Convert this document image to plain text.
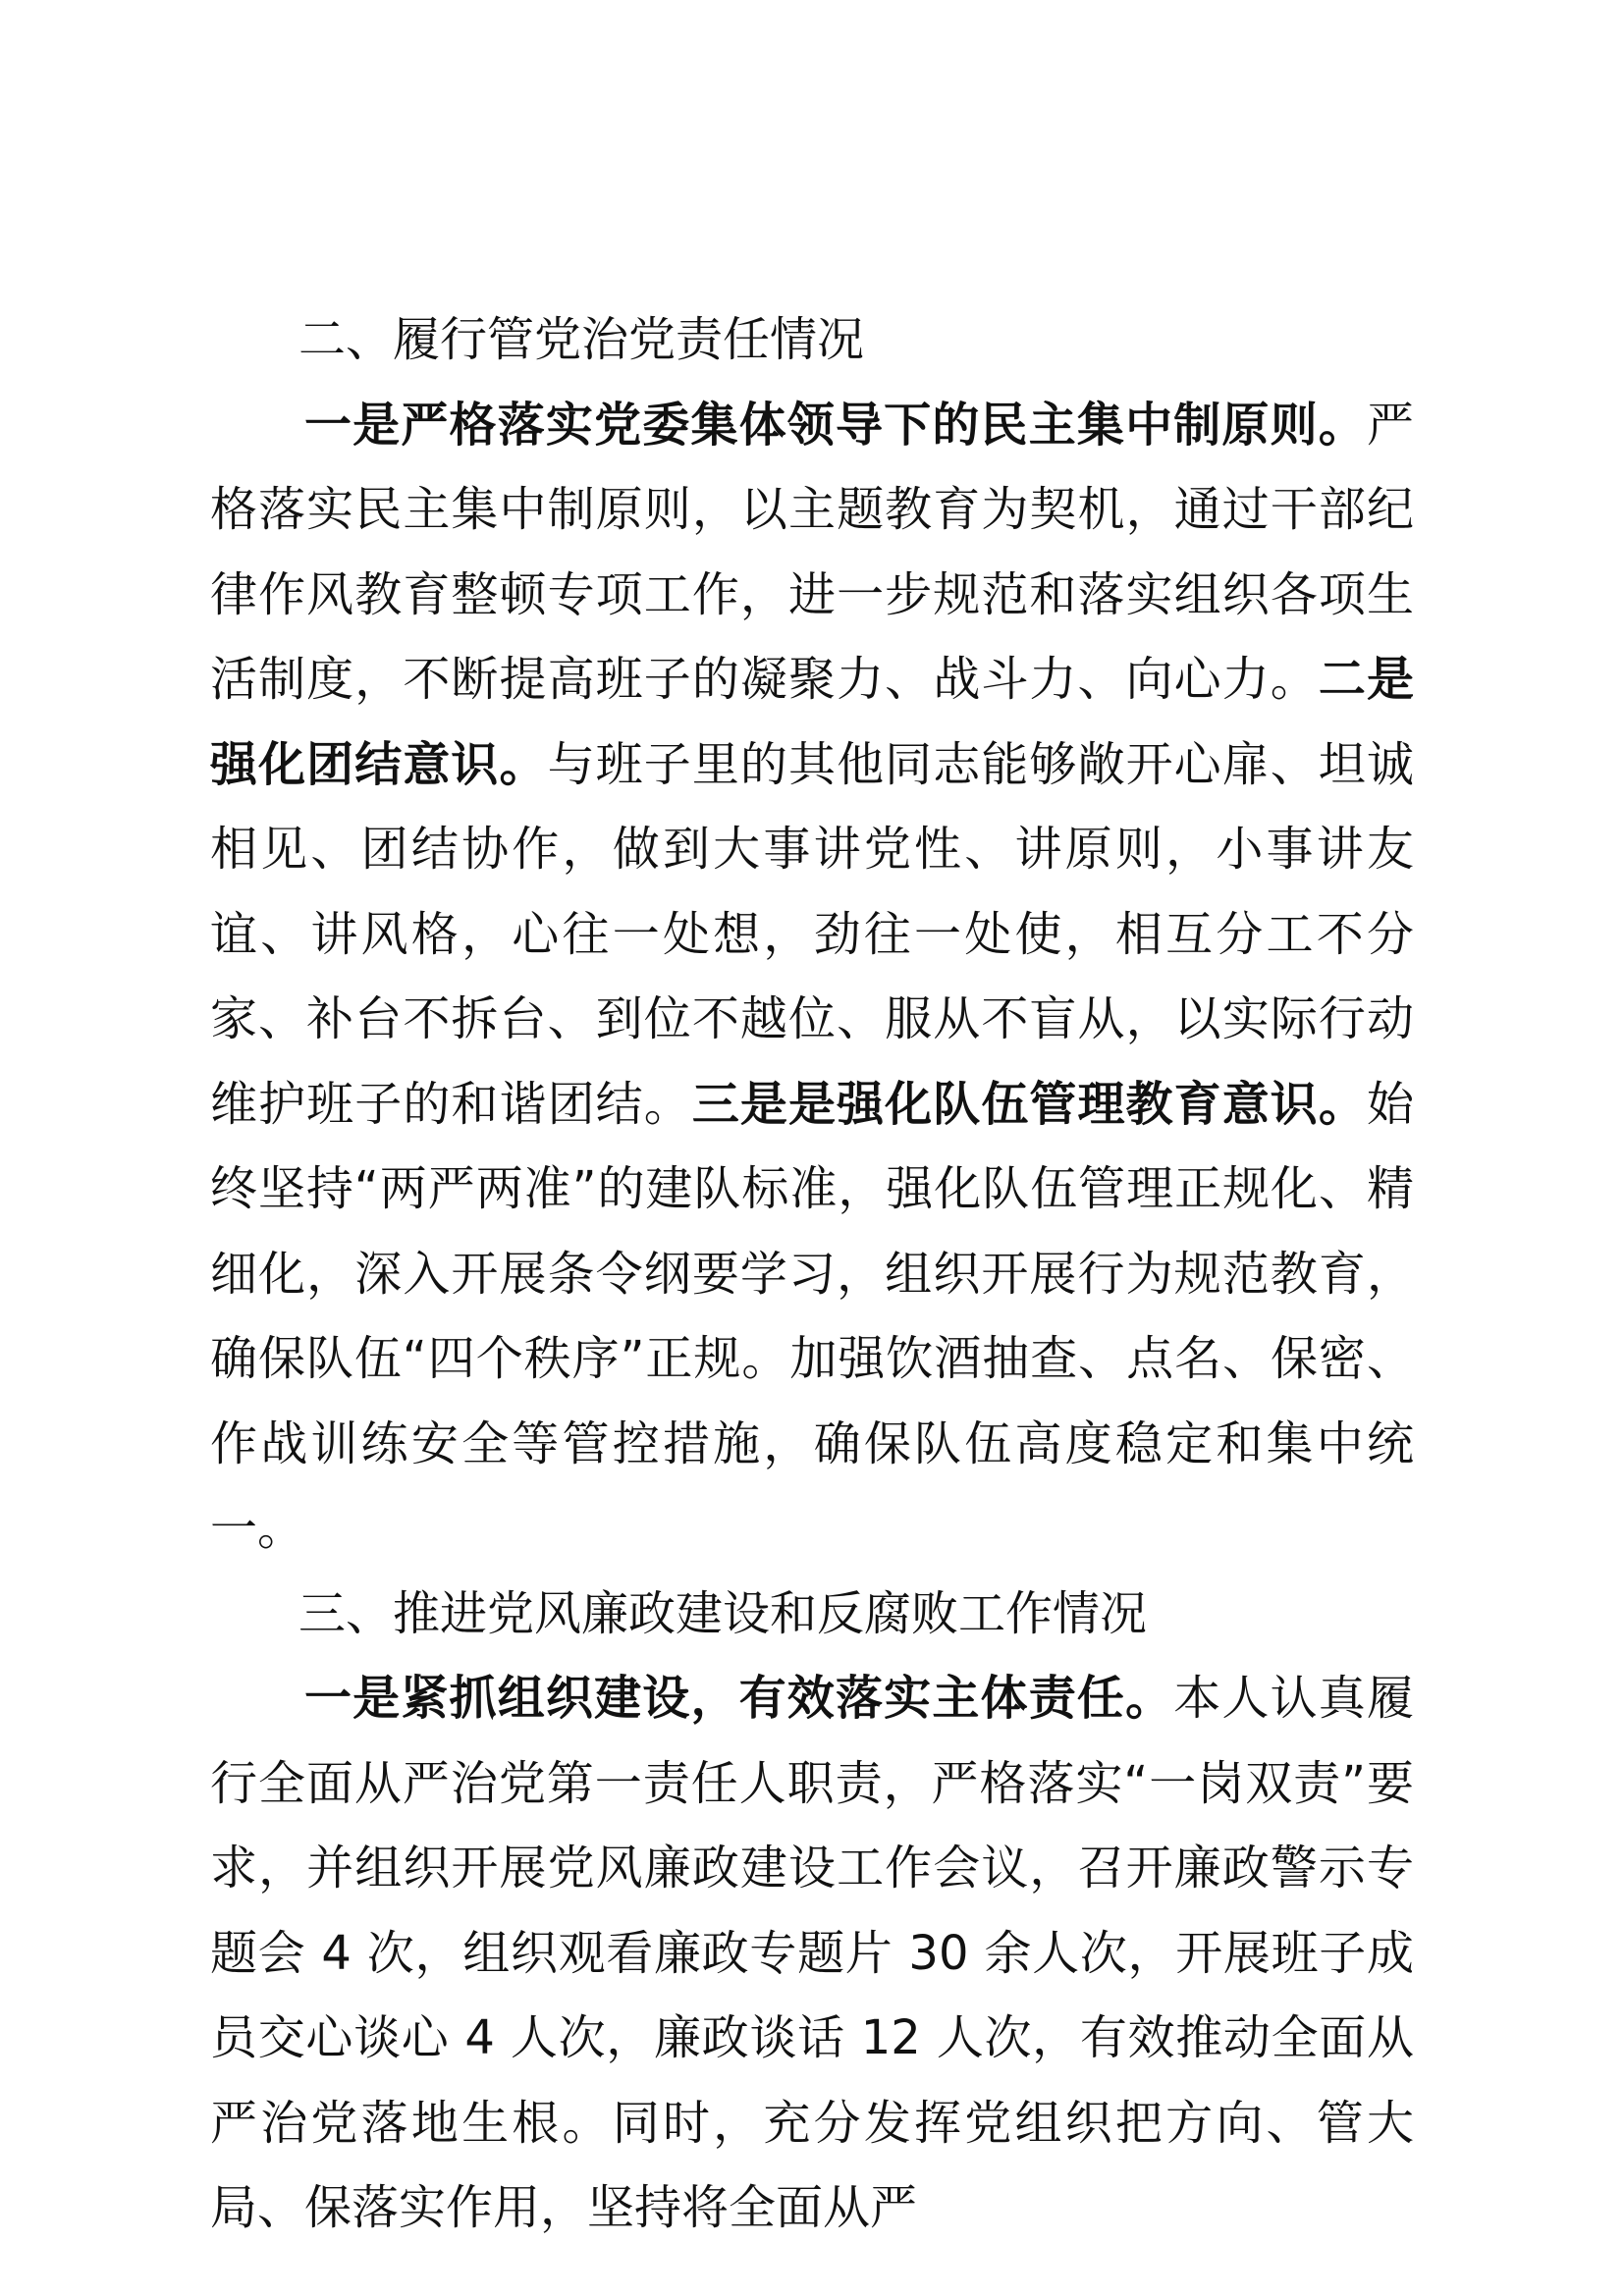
二、履行管党治党责任情况

一是严格落实党委集体领导下的民主集中制原则。严格落实民主集中制原则，以主题教育为契机，通过干部纪律作风教育整顿专项工作，进一步规范和落实组织各项生活制度，不断提高班子的凝聚力、战斗力、向心力。二是强化团结意识。与班子里的其他同志能够敞开心扉、坦诚相见、团结协作，做到大事讲党性、讲原则，小事讲友谊、讲风格，心往一处想，劲往一处使，相互分工不分家、补台不拆台、到位不越位、服从不盲从，以实际行动维护班子的和谐团结。三是是强化队伍管理教育意识。始终坚持“两严两准”的建队标准，强化队伍管理正规化、精细化，深入开展条令纲要学习，组织开展行为规范教育，确保队伍“四个秩序”正规。加强饮酒抽查、点名、保密、作战训练安全等管控措施，确保队伍高度稳定和集中统一。

三、推进党风廉政建设和反腐败工作情况

一是紧抓组织建设，有效落实主体责任。本人认真履行全面从严治党第一责任人职责，严格落实“一岗双责”要求，并组织开展党风廉政建设工作会议，召开廉政警示专题会 4 次，组织观看廉政专题片 30 余人次，开展班子成员交心谈心 4 人次，廉政谈话 12 人次，有效推动全面从严治党落地生根。同时，充分发挥党组织把方向、管大局、保落实作用，坚持将全面从严
